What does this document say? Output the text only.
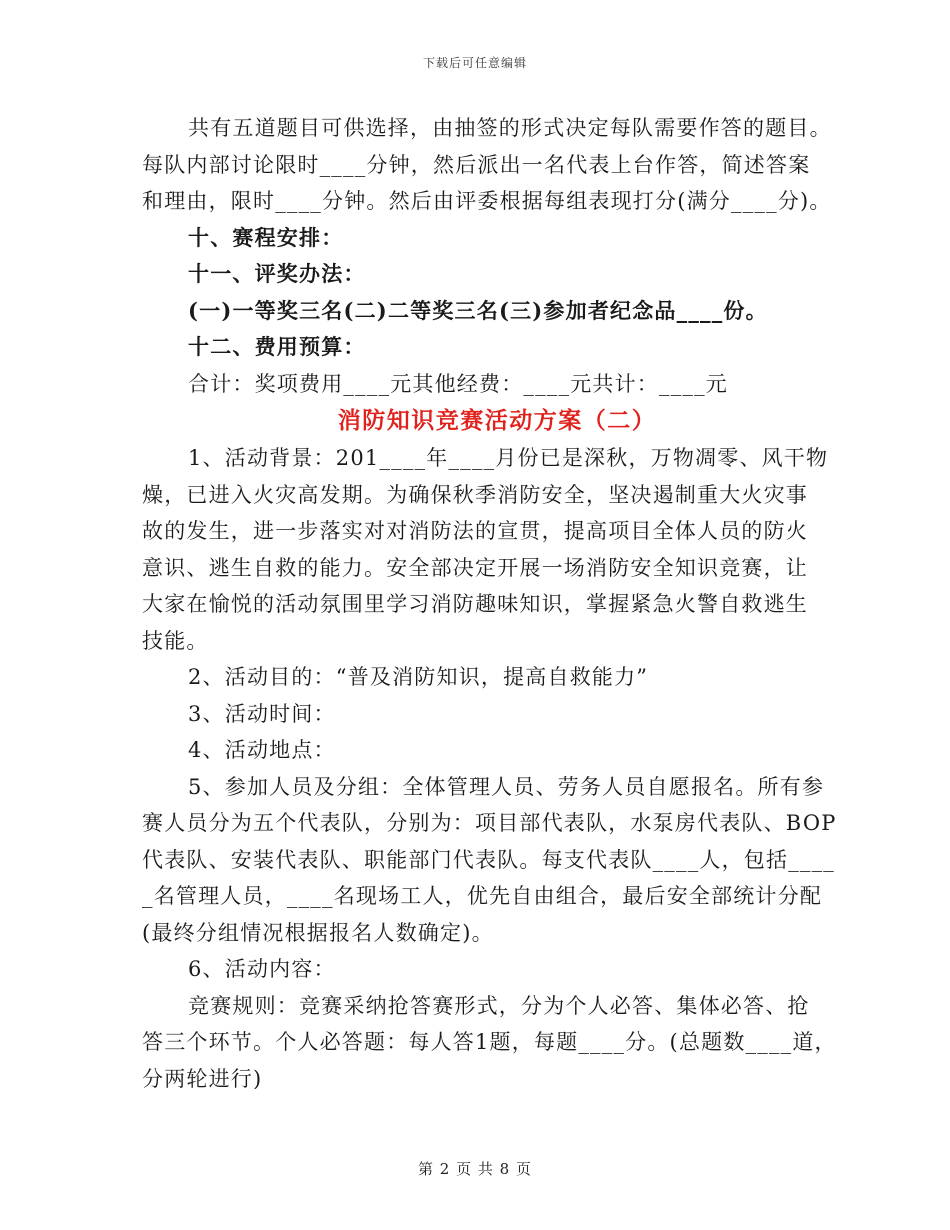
下载后可任意编辑
共有五道题目可供选择，由抽签的形式决定每队需要作答的题目。
每队内部讨论限时____分钟，然后派出一名代表上台作答，简述答案
和理由，限时____分钟。然后由评委根据每组表现打分(满分____分)。
十、赛程安排：
十一、评奖办法：
(一)一等奖三名(二)二等奖三名(三)参加者纪念品____份。
十二、费用预算：
合计：奖项费用____元其他经费：____元共计：____元
消防知识竞赛活动方案（二）
1、活动背景：201____年____月份已是深秋，万物凋零、风干物
燥，已进入火灾高发期。为确保秋季消防安全，坚决遏制重大火灾事
故的发生，进一步落实对对消防法的宣贯，提高项目全体人员的防火
意识、逃生自救的能力。安全部决定开展一场消防安全知识竞赛，让
大家在愉悦的活动氛围里学习消防趣味知识，掌握紧急火警自救逃生
技能。
2、活动目的：“普及消防知识，提高自救能力”
3、活动时间：
4、活动地点：
5、参加人员及分组：全体管理人员、劳务人员自愿报名。所有参
赛人员分为五个代表队，分别为：项目部代表队，水泵房代表队、BOP
代表队、安装代表队、职能部门代表队。每支代表队____人，包括____
_名管理人员，____名现场工人，优先自由组合，最后安全部统计分配
(最终分组情况根据报名人数确定)。
6、活动内容：
竞赛规则：竞赛采纳抢答赛形式，分为个人必答、集体必答、抢
答三个环节。个人必答题：每人答1题，每题____分。(总题数____道，
分两轮进行)
第 2 页 共 8 页
